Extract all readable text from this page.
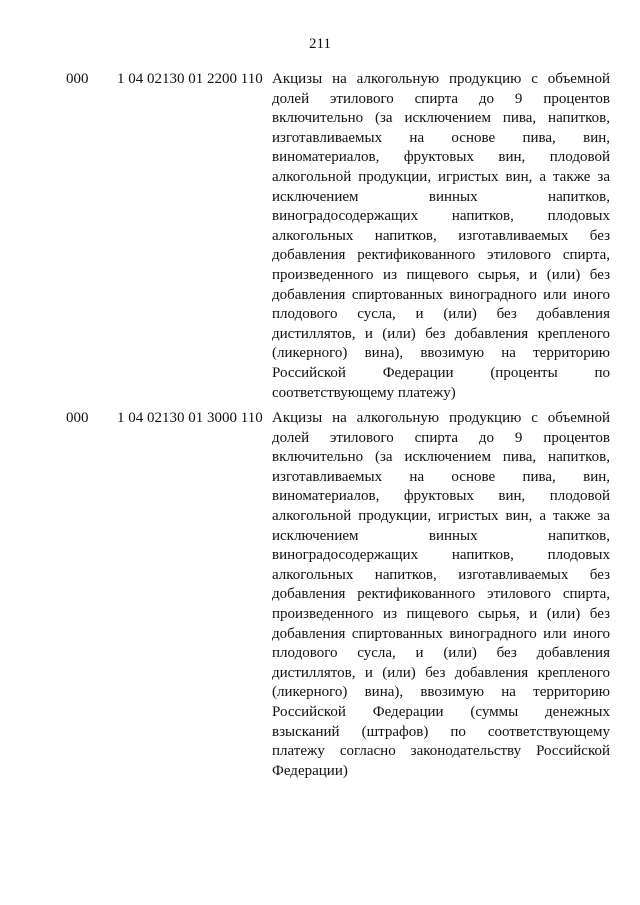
211
000 1 04 02130 01 2200 110 Акцизы на алкогольную продукцию с объемной долей этилового спирта до 9 процентов включительно (за исключением пива, напитков, изготавливаемых на основе пива, вин, виноматериалов, фруктовых вин, плодовой алкогольной продукции, игристых вин, а также за исключением винных напитков, виноградосодержащих напитков, плодовых алкогольных напитков, изготавливаемых без добавления ректификованного этилового спирта, произведенного из пищевого сырья, и (или) без добавления спиртованных виноградного или иного плодового сусла, и (или) без добавления дистиллятов, и (или) без добавления крепленого (ликерного) вина), ввозимую на территорию Российской Федерации (проценты по соответствующему платежу)
000 1 04 02130 01 3000 110 Акцизы на алкогольную продукцию с объемной долей этилового спирта до 9 процентов включительно (за исключением пива, напитков, изготавливаемых на основе пива, вин, виноматериалов, фруктовых вин, плодовой алкогольной продукции, игристых вин, а также за исключением винных напитков, виноградосодержащих напитков, плодовых алкогольных напитков, изготавливаемых без добавления ректификованного этилового спирта, произведенного из пищевого сырья, и (или) без добавления спиртованных виноградного или иного плодового сусла, и (или) без добавления дистиллятов, и (или) без добавления крепленого (ликерного) вина), ввозимую на территорию Российской Федерации (суммы денежных взысканий (штрафов) по соответствующему платежу согласно законодательству Российской Федерации)
